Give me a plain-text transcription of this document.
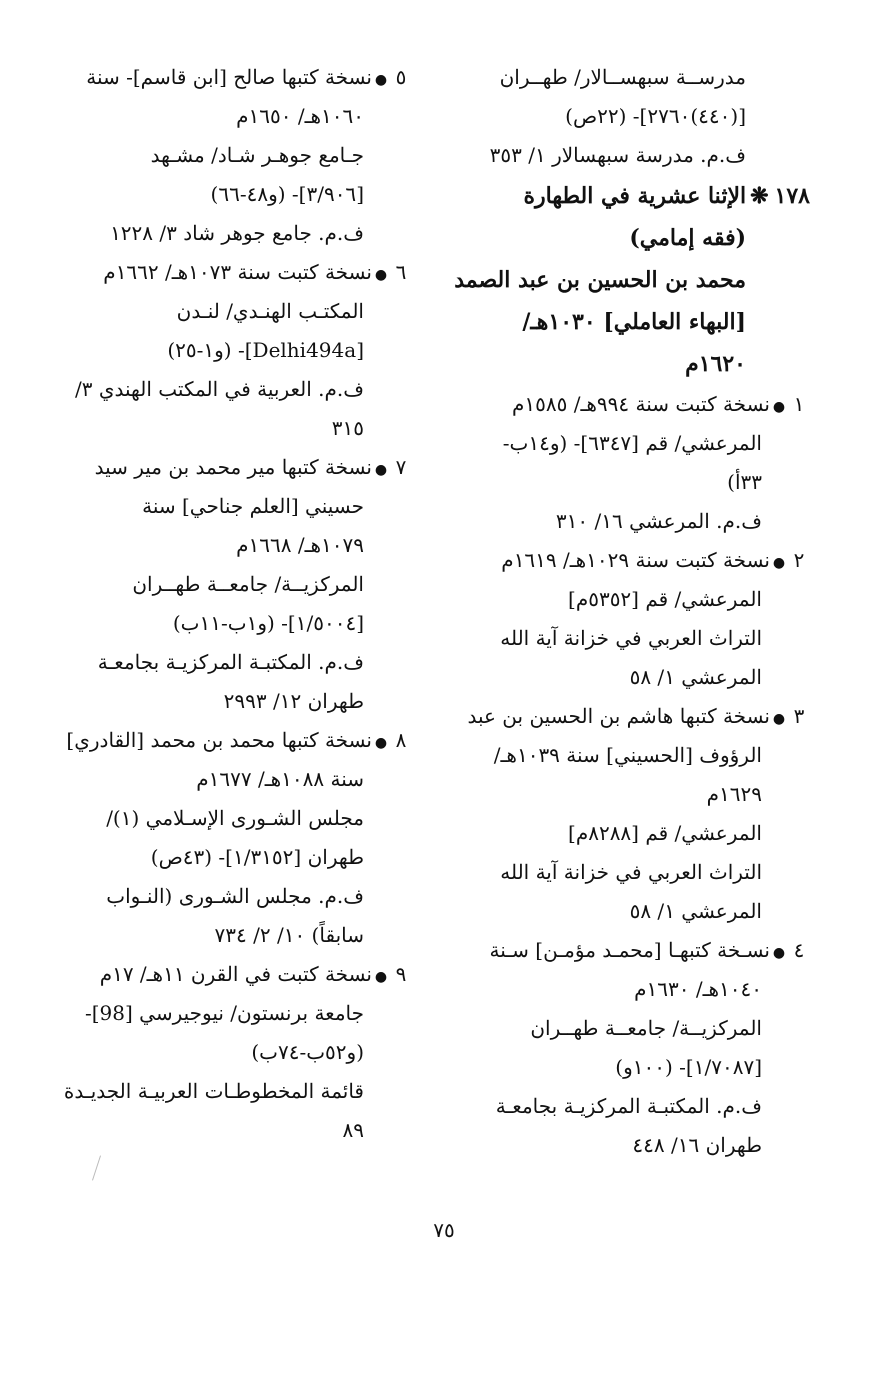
مدرســة سبهســالار/ طهــران
[(٤٤٠)٢٧٦٠]- (٢٢ص)
ف.م. مدرسة سبهسالار ١/ ٣٥٣
١٧٨❋الإثنا عشرية في الطهارة
(فقه إمامي)
محمد بن الحسين بن عبد الصمد
[البهاء العاملي] ١٠٣٠هـ/
١٦٢٠م
١●نسخة كتبت سنة ٩٩٤هـ/ ١٥٨٥م
المرعشي/ قم [٦٣٤٧]- (و١٤ب-
٣٣أ)
ف.م. المرعشي ١٦/ ٣١٠
٢●نسخة كتبت سنة ١٠٢٩هـ/ ١٦١٩م
المرعشي/ قم [٥٣٥٢م]
التراث العربي في خزانة آية الله
المرعشي ١/ ٥٨
٣●نسخة كتبها هاشم بن الحسين بن عبد
الرؤوف [الحسيني] سنة ١٠٣٩هـ/
١٦٢٩م
المرعشي/ قم [٨٢٨٨م]
التراث العربي في خزانة آية الله
المرعشي ١/ ٥٨
٤●نسـخة كتبهـا [محمـد مؤمـن] سـنة
١٠٤٠هـ/ ١٦٣٠م
المركزيــة/ جامعــة طهــران
[١/٧٠٨٧]- (١٠٠و)
ف.م. المكتبـة المركزيـة بجامعـة
طهران ١٦/ ٤٤٨
٥●نسخة كتبها صالح [ابن قاسم]- سنة
١٠٦٠هـ/ ١٦٥٠م
جـامع جوهـر شـاد/ مشـهد
[٣/٩٠٦]- (و٤٨-٦٦)
ف.م. جامع جوهر شاد ٣/ ١٢٢٨
٦●نسخة كتبت سنة ١٠٧٣هـ/ ١٦٦٢م
المكتـب الهنـدي/ لنـدن
[Delhi494a]- (و١-٢٥)
ف.م. العربية في المكتب الهندي ٣/
٣١٥
٧●نسخة كتبها مير محمد بن مير سيد
حسيني [العلم جناحي] سنة
١٠٧٩هـ/ ١٦٦٨م
المركزيــة/ جامعــة طهــران
[١/٥٠٠٤]- (و١ب-١١ب)
ف.م. المكتبـة المركزيـة بجامعـة
طهران ١٢/ ٢٩٩٣
٨●نسخة كتبها محمد بن محمد [القادري]
سنة ١٠٨٨هـ/ ١٦٧٧م
مجلس الشـورى الإسـلامي (١)/
طهران [١/٣١٥٢]- (٤٣ص)
ف.م. مجلس الشـورى (النـواب
سابقاً) ١٠/ ٢/ ٧٣٤
٩●نسخة كتبت في القرن ١١هـ/ ١٧م
جامعة برنستون/ نيوجيرسي [98]-
(و٥٢ب-٧٤ب)
قائمة المخطوطـات العربيـة الجديـدة
٨٩
٧٥
